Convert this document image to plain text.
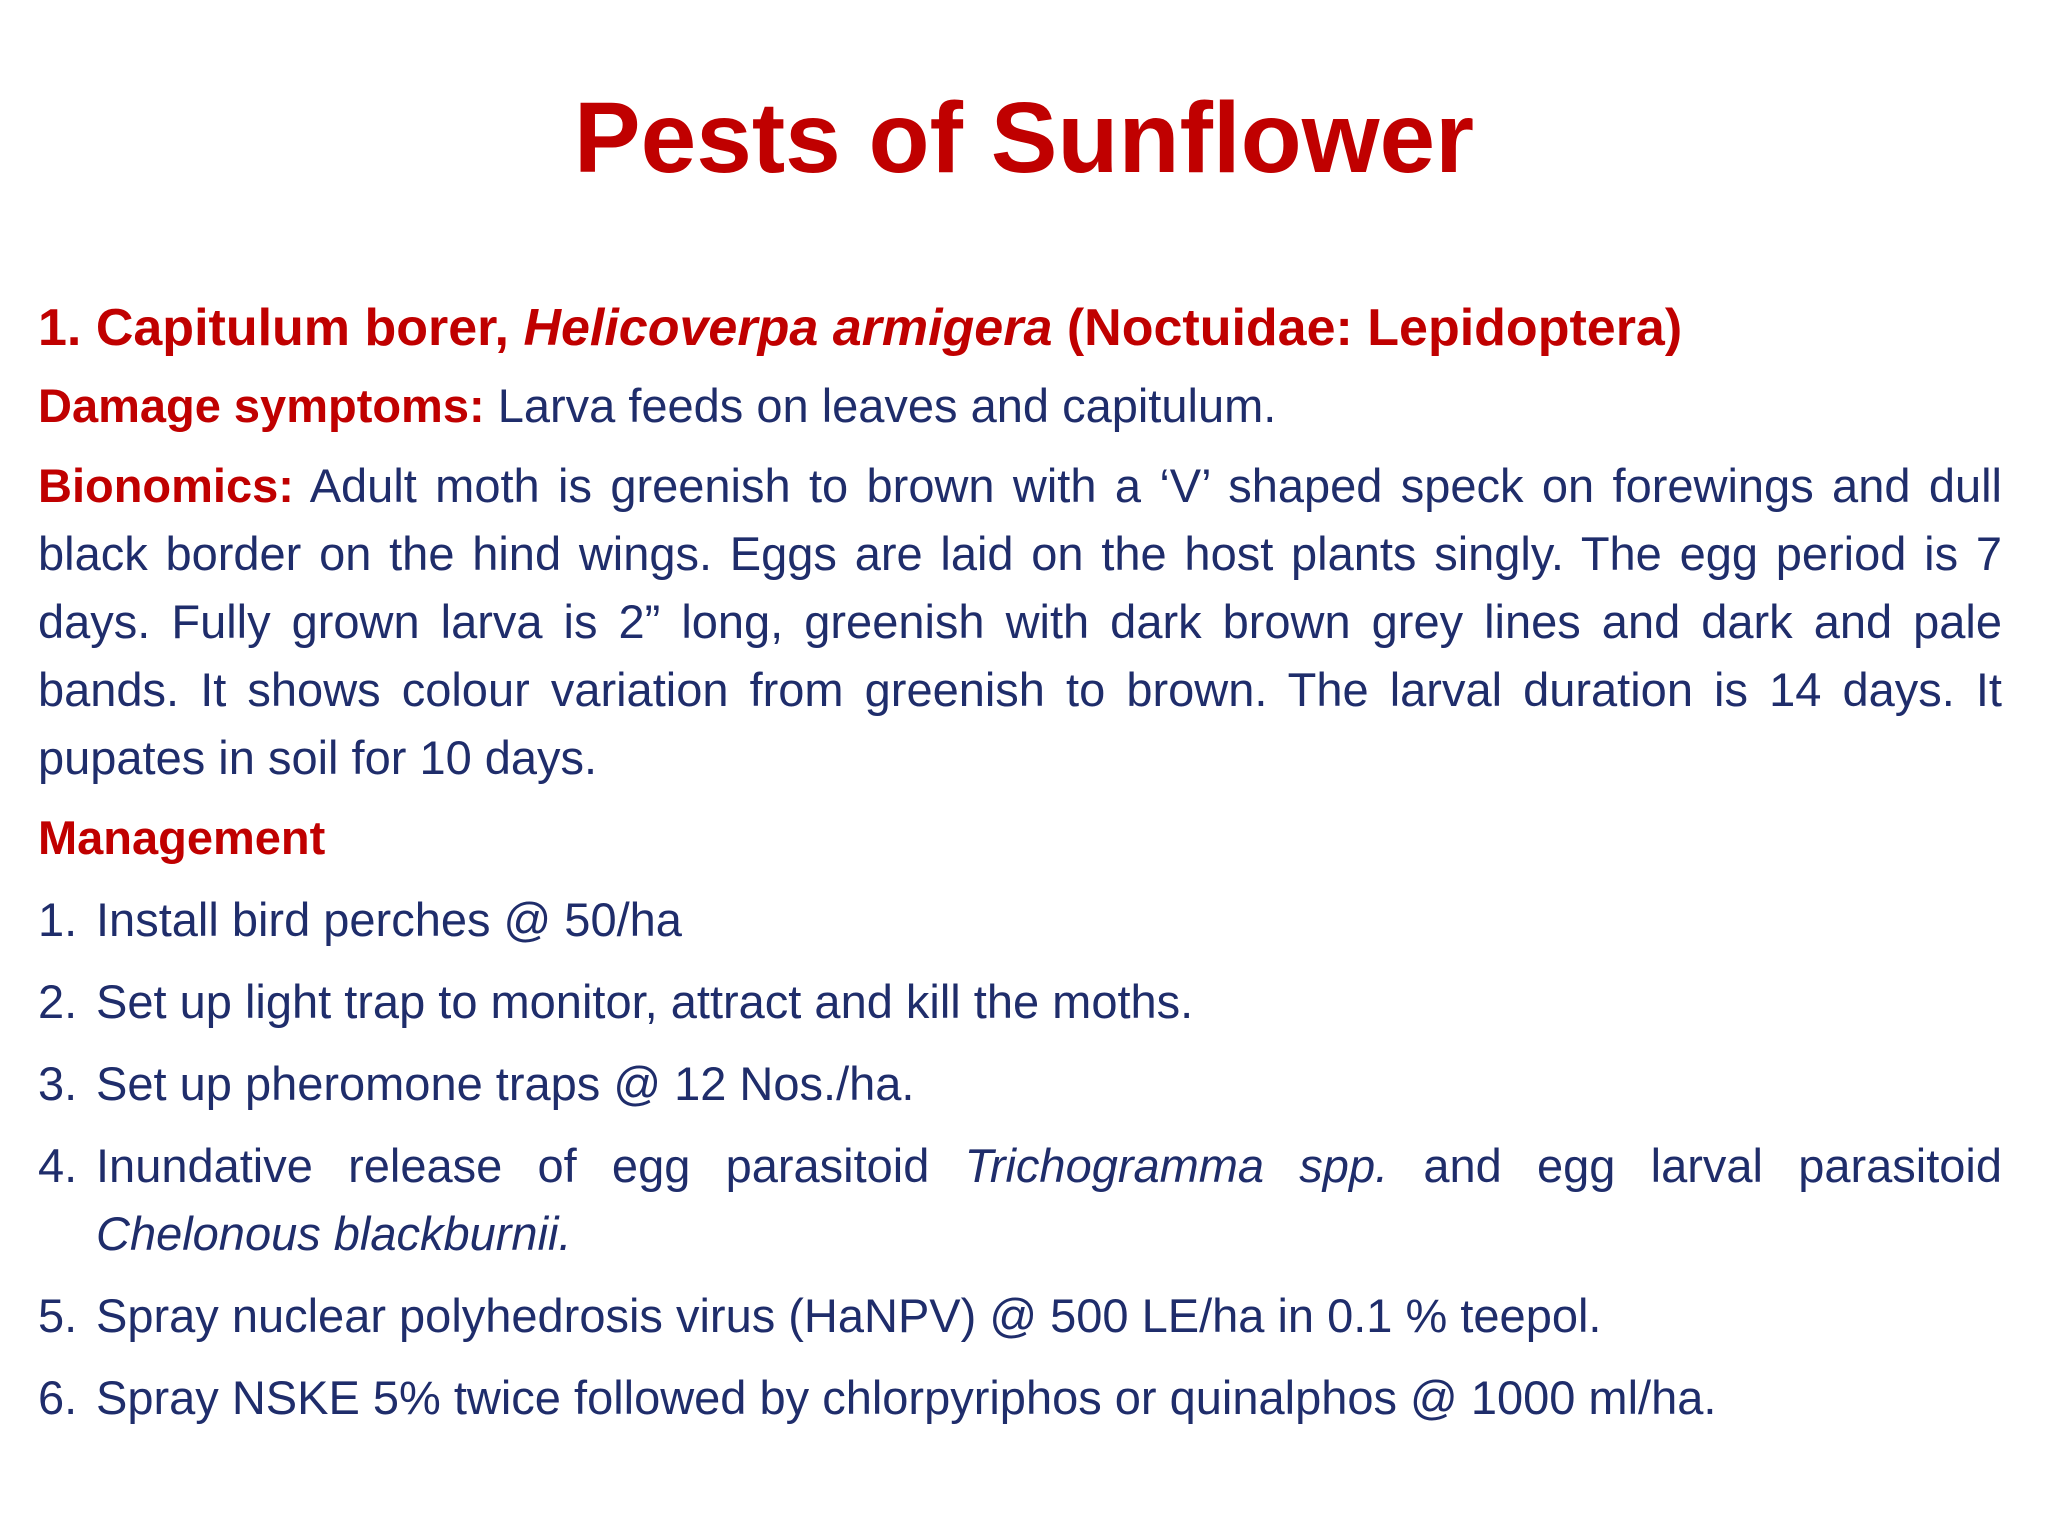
Pests of Sunflower

1. Capitulum borer, Helicoverpa armigera (Noctuidae: Lepidoptera)

Damage symptoms: Larva feeds on leaves and capitulum.

Bionomics: Adult moth is greenish to brown with a ‘V’ shaped speck on forewings and dull black border on the hind wings. Eggs are laid on the host plants singly. The egg period is 7 days. Fully grown larva is 2” long, greenish with dark brown grey lines and dark and pale bands. It shows colour variation from greenish to brown. The larval duration is 14 days. It pupates in soil for 10 days.

Management

1. Install bird perches @ 50/ha
2. Set up light trap to monitor, attract and kill the moths.
3. Set up pheromone traps @ 12 Nos./ha.
4. Inundative release of egg parasitoid Trichogramma spp. and egg larval parasitoid Chelonous blackburnii.
5. Spray nuclear polyhedrosis virus (HaNPV) @ 500 LE/ha in 0.1 % teepol.
6. Spray NSKE 5% twice followed by chlorpyriphos or quinalphos @ 1000 ml/ha.
